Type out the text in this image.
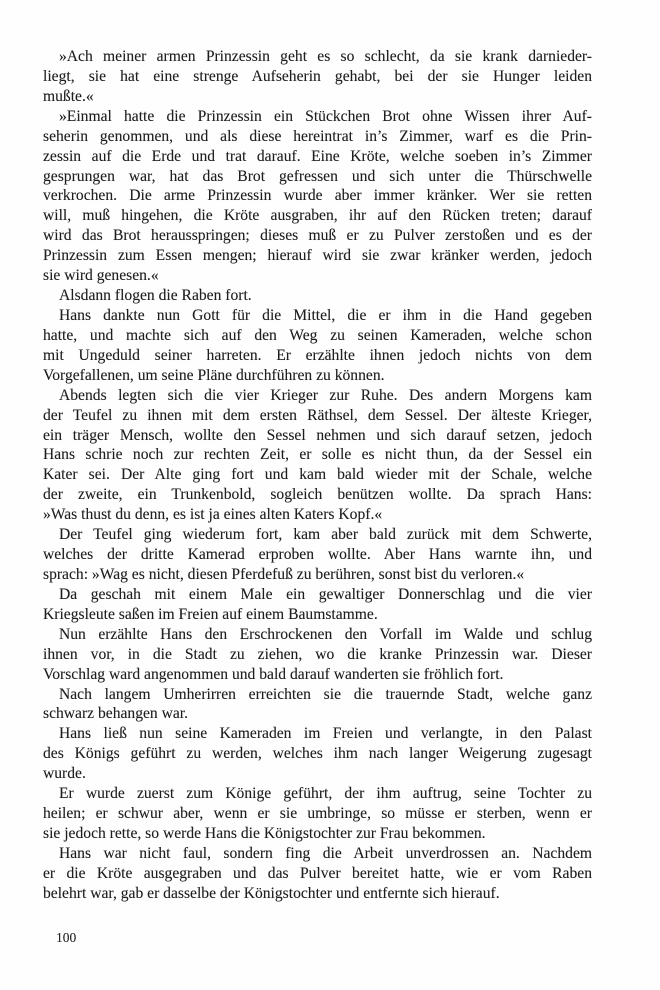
»Ach meiner armen Prinzessin geht es so schlecht, da sie krank darnieder-
liegt, sie hat eine strenge Aufseherin gehabt, bei der sie Hunger leiden
mußte.«
»Einmal hatte die Prinzessin ein Stückchen Brot ohne Wissen ihrer Auf-
seherin genommen, und als diese hereintrat in’s Zimmer, warf es die Prin-
zessin auf die Erde und trat darauf. Eine Kröte, welche soeben in’s Zimmer
gesprungen war, hat das Brot gefressen und sich unter die Thürschwelle
verkrochen. Die arme Prinzessin wurde aber immer kränker. Wer sie retten
will, muß hingehen, die Kröte ausgraben, ihr auf den Rücken treten; darauf
wird das Brot herausspringen; dieses muß er zu Pulver zerstoßen und es der
Prinzessin zum Essen mengen; hierauf wird sie zwar kränker werden, jedoch
sie wird genesen.«
Alsdann flogen die Raben fort.
Hans dankte nun Gott für die Mittel, die er ihm in die Hand gegeben
hatte, und machte sich auf den Weg zu seinen Kameraden, welche schon
mit Ungeduld seiner harreten. Er erzählte ihnen jedoch nichts von dem
Vorgefallenen, um seine Pläne durchführen zu können.
Abends legten sich die vier Krieger zur Ruhe. Des andern Morgens kam
der Teufel zu ihnen mit dem ersten Räthsel, dem Sessel. Der älteste Krieger,
ein träger Mensch, wollte den Sessel nehmen und sich darauf setzen, jedoch
Hans schrie noch zur rechten Zeit, er solle es nicht thun, da der Sessel ein
Kater sei. Der Alte ging fort und kam bald wieder mit der Schale, welche
der zweite, ein Trunkenbold, sogleich benützen wollte. Da sprach Hans:
»Was thust du denn, es ist ja eines alten Katers Kopf.«
Der Teufel ging wiederum fort, kam aber bald zurück mit dem Schwerte,
welches der dritte Kamerad erproben wollte. Aber Hans warnte ihn, und
sprach: »Wag es nicht, diesen Pferdefuß zu berühren, sonst bist du verloren.«
Da geschah mit einem Male ein gewaltiger Donnerschlag und die vier
Kriegsleute saßen im Freien auf einem Baumstamme.
Nun erzählte Hans den Erschrockenen den Vorfall im Walde und schlug
ihnen vor, in die Stadt zu ziehen, wo die kranke Prinzessin war. Dieser
Vorschlag ward angenommen und bald darauf wanderten sie fröhlich fort.
Nach langem Umherirren erreichten sie die trauernde Stadt, welche ganz
schwarz behangen war.
Hans ließ nun seine Kameraden im Freien und verlangte, in den Palast
des Königs geführt zu werden, welches ihm nach langer Weigerung zugesagt
wurde.
Er wurde zuerst zum Könige geführt, der ihm auftrug, seine Tochter zu
heilen; er schwur aber, wenn er sie umbringe, so müsse er sterben, wenn er
sie jedoch rette, so werde Hans die Königstochter zur Frau bekommen.
Hans war nicht faul, sondern fing die Arbeit unverdrossen an. Nachdem
er die Kröte ausgegraben und das Pulver bereitet hatte, wie er vom Raben
belehrt war, gab er dasselbe der Königstochter und entfernte sich hierauf.
100
